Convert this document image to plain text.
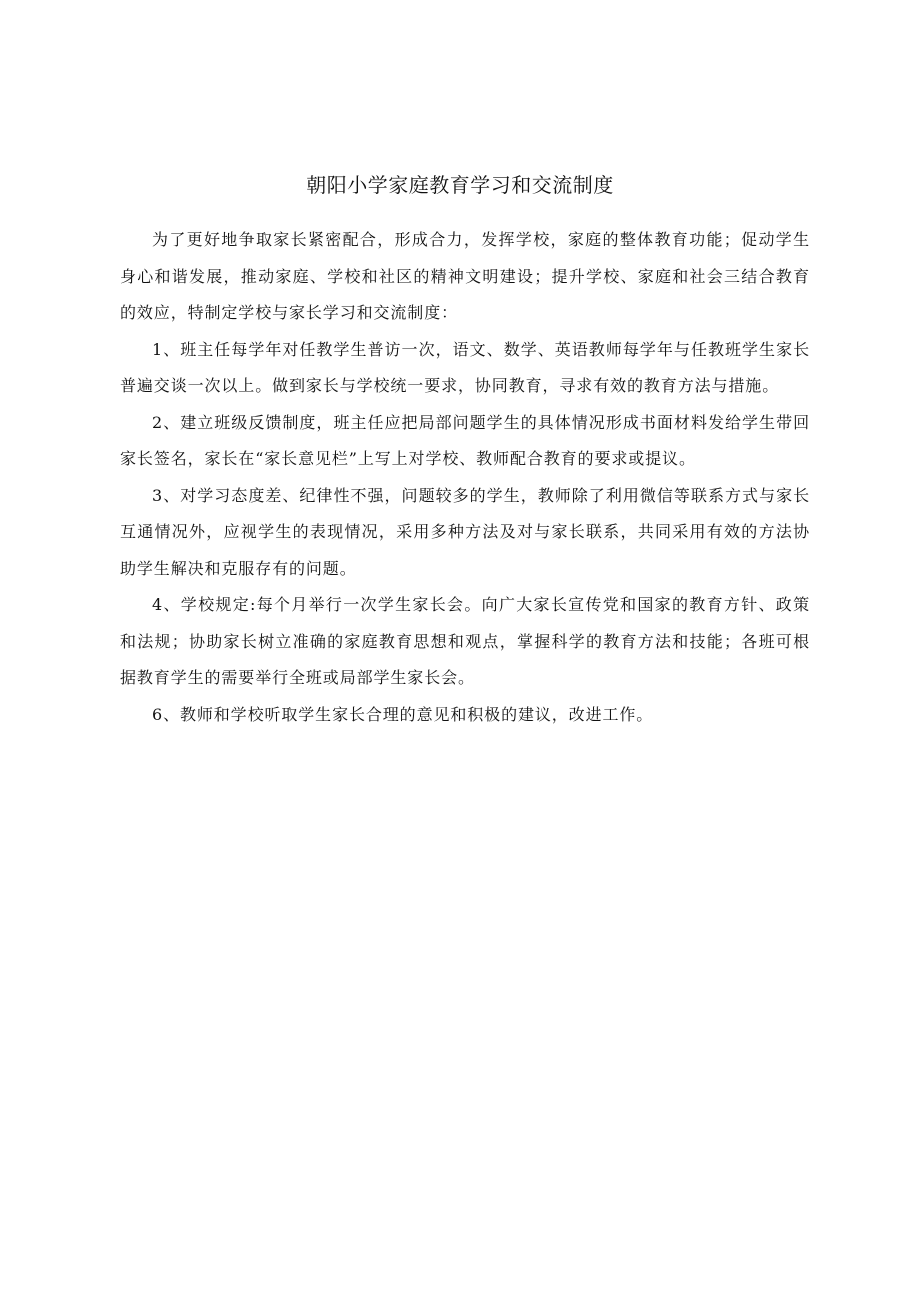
朝阳小学家庭教育学习和交流制度

为了更好地争取家长紧密配合，形成合力，发挥学校，家庭的整体教育功能；促动学生身心和谐发展，推动家庭、学校和社区的精神文明建设；提升学校、家庭和社会三结合教育的效应，特制定学校与家长学习和交流制度：

1、班主任每学年对任教学生普访一次，语文、数学、英语教师每学年与任教班学生家长普遍交谈一次以上。做到家长与学校统一要求，协同教育，寻求有效的教育方法与措施。

2、建立班级反馈制度，班主任应把局部问题学生的具体情况形成书面材料发给学生带回家长签名，家长在“家长意见栏”上写上对学校、教师配合教育的要求或提议。

3、对学习态度差、纪律性不强，问题较多的学生，教师除了利用微信等联系方式与家长互通情况外，应视学生的表现情况，采用多种方法及对与家长联系，共同采用有效的方法协助学生解决和克服存有的问题。

4、学校规定:每个月举行一次学生家长会。向广大家长宣传党和国家的教育方针、政策和法规；协助家长树立准确的家庭教育思想和观点，掌握科学的教育方法和技能；各班可根据教育学生的需要举行全班或局部学生家长会。

6、教师和学校听取学生家长合理的意见和积极的建议，改进工作。
